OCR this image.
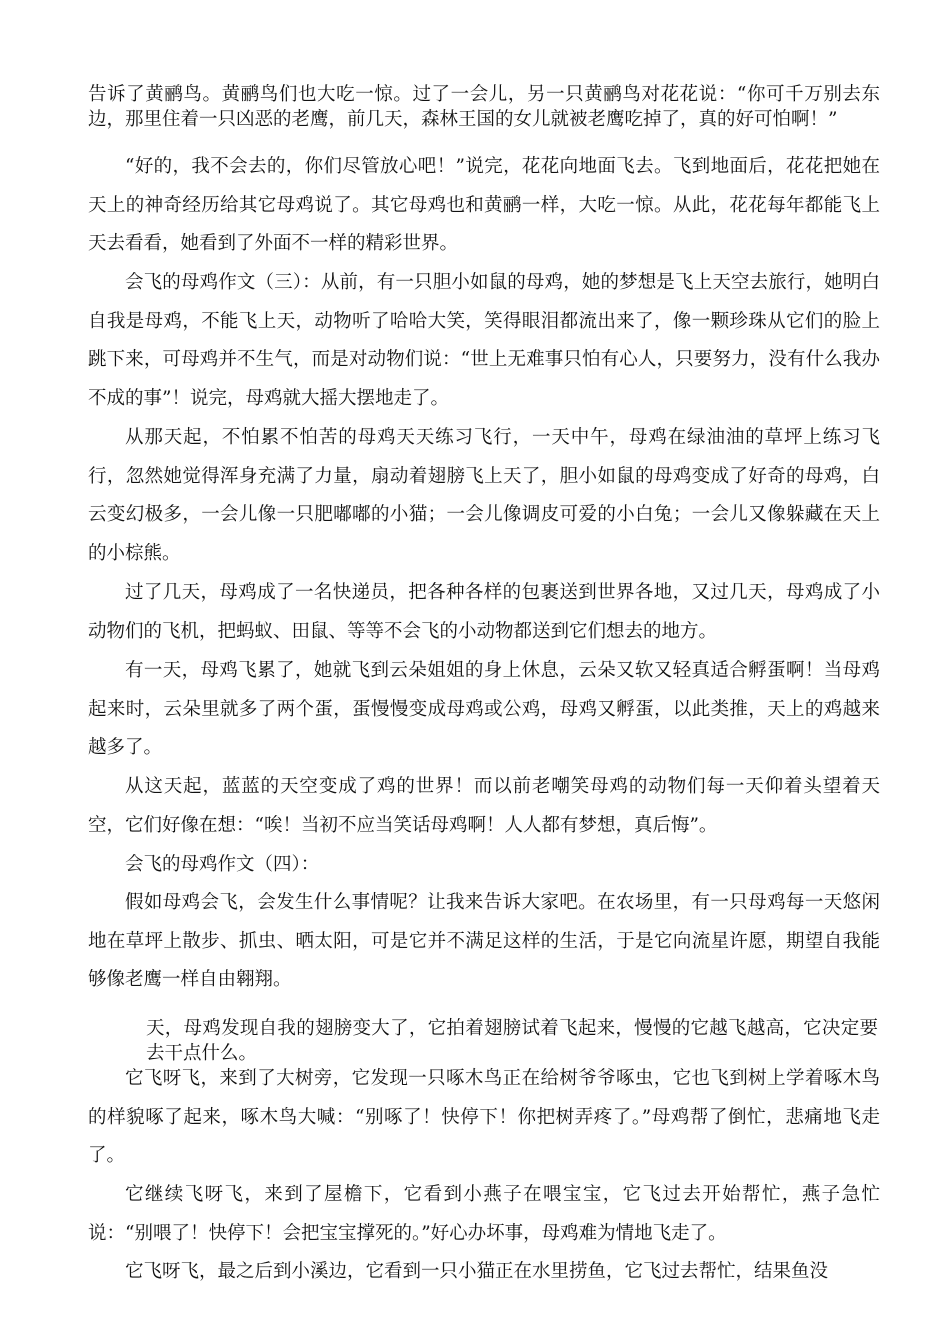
告诉了黄鹂鸟。黄鹂鸟们也大吃一惊。过了一会儿，另一只黄鹂鸟对花花说：“你可千万别去东边，那里住着一只凶恶的老鹰，前几天，森林王国的女儿就被老鹰吃掉了，真的好可怕啊！”

“好的，我不会去的，你们尽管放心吧！”说完，花花向地面飞去。飞到地面后，花花把她在天上的神奇经历给其它母鸡说了。其它母鸡也和黄鹂一样，大吃一惊。从此，花花每年都能飞上天去看看，她看到了外面不一样的精彩世界。

会飞的母鸡作文（三）：从前，有一只胆小如鼠的母鸡，她的梦想是飞上天空去旅行，她明白自我是母鸡，不能飞上天，动物听了哈哈大笑，笑得眼泪都流出来了，像一颗珍珠从它们的脸上跳下来，可母鸡并不生气，而是对动物们说：“世上无难事只怕有心人，只要努力，没有什么我办不成的事”！说完，母鸡就大摇大摆地走了。

从那天起，不怕累不怕苦的母鸡天天练习飞行，一天中午，母鸡在绿油油的草坪上练习飞行，忽然她觉得浑身充满了力量，扇动着翅膀飞上天了，胆小如鼠的母鸡变成了好奇的母鸡，白云变幻极多，一会儿像一只肥嘟嘟的小猫；一会儿像调皮可爱的小白兔；一会儿又像躲藏在天上的小棕熊。

过了几天，母鸡成了一名快递员，把各种各样的包裹送到世界各地，又过几天，母鸡成了小动物们的飞机，把蚂蚁、田鼠、等等不会飞的小动物都送到它们想去的地方。

有一天，母鸡飞累了，她就飞到云朵姐姐的身上休息，云朵又软又轻真适合孵蛋啊！当母鸡起来时，云朵里就多了两个蛋，蛋慢慢变成母鸡或公鸡，母鸡又孵蛋，以此类推，天上的鸡越来越多了。

从这天起，蓝蓝的天空变成了鸡的世界！而以前老嘲笑母鸡的动物们每一天仰着头望着天空，它们好像在想：“唉！当初不应当笑话母鸡啊！人人都有梦想，真后悔”。

会飞的母鸡作文（四）：

假如母鸡会飞，会发生什么事情呢？让我来告诉大家吧。在农场里，有一只母鸡每一天悠闲地在草坪上散步、抓虫、晒太阳，可是它并不满足这样的生活，于是它向流星许愿，期望自我能够像老鹰一样自由翱翔。

天，母鸡发现自我的翅膀变大了，它拍着翅膀试着飞起来，慢慢的它越飞越高，它决定要去干点什么。

它飞呀飞，来到了大树旁，它发现一只啄木鸟正在给树爷爷啄虫，它也飞到树上学着啄木鸟的样貌啄了起来，啄木鸟大喊：“别啄了！快停下！你把树弄疼了。”母鸡帮了倒忙，悲痛地飞走了。

它继续飞呀飞，来到了屋檐下，它看到小燕子在喂宝宝，它飞过去开始帮忙，燕子急忙说：“别喂了！快停下！会把宝宝撑死的。”好心办坏事，母鸡难为情地飞走了。

它飞呀飞，最之后到小溪边，它看到一只小猫正在水里捞鱼，它飞过去帮忙，结果鱼没
